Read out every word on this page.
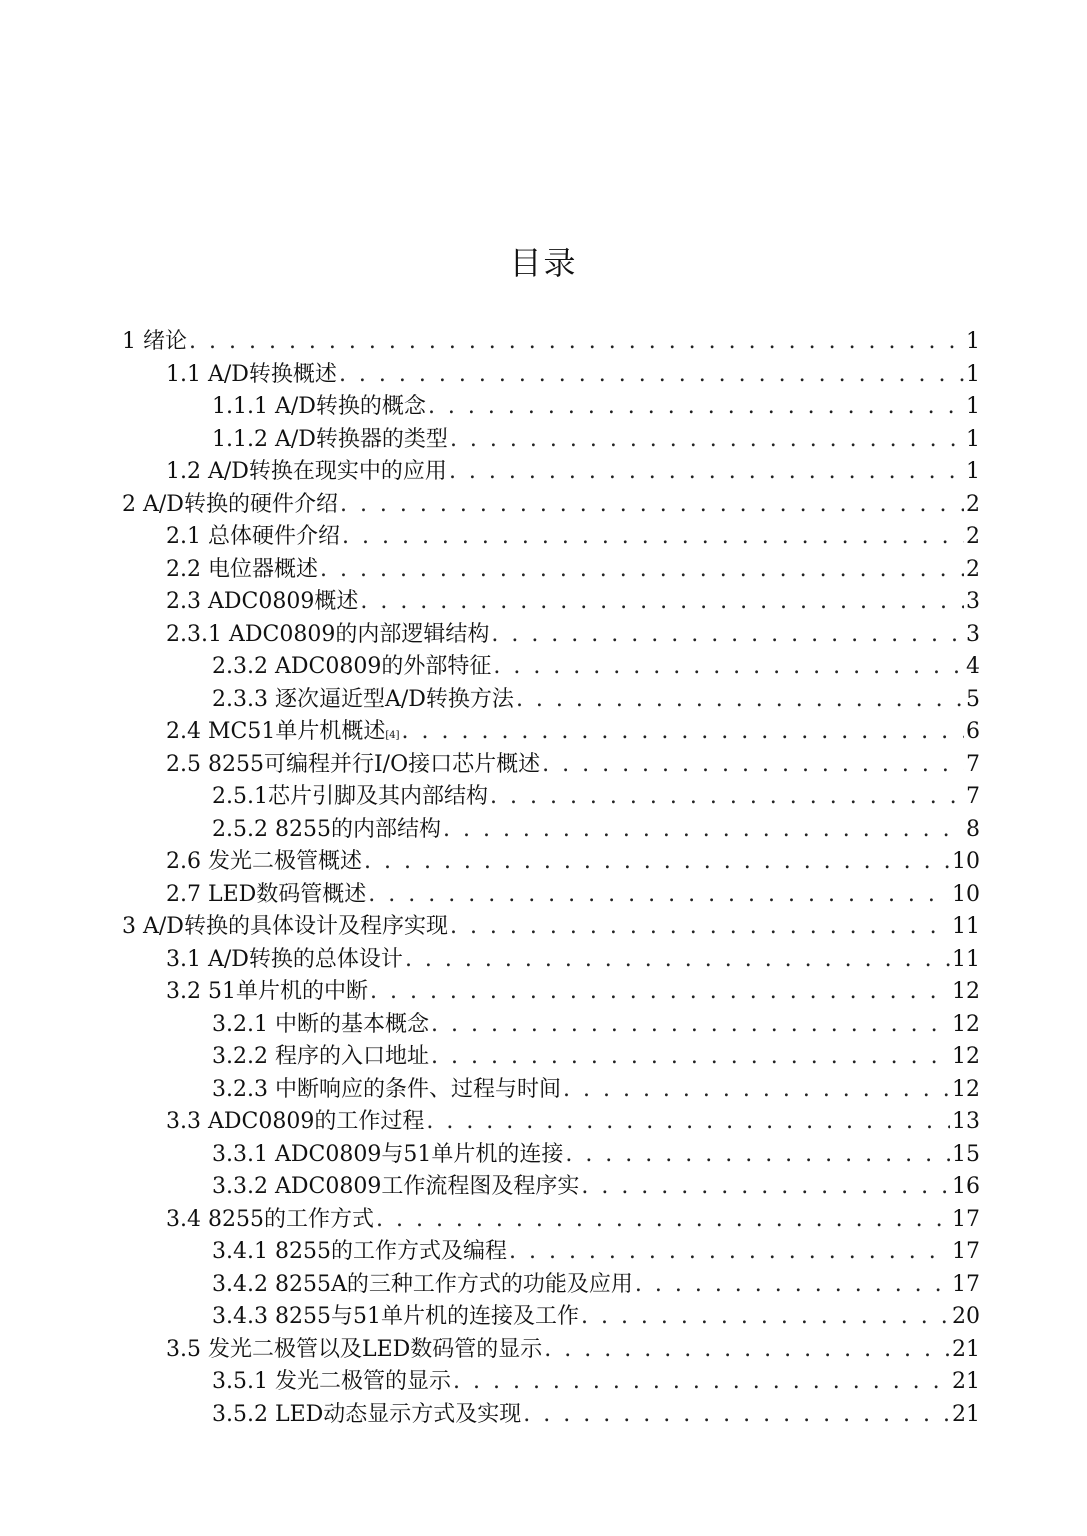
目录
1 绪论 . . .	1
1.1 A/D转换概述 . . .	1
1.1.1 A/D转换的概念 . . .	1
1.1.2 A/D转换器的类型 . . .	1
1.2 A/D转换在现实中的应用 . . .	1
2 A/D转换的硬件介绍 . . .	2
2.1 总体硬件介绍 . . .	2
2.2 电位器概述 . . .	2
2.3 ADC0809概述 . . .	3
2.3.1 ADC0809的内部逻辑结构 . . .	3
2.3.2 ADC0809的外部特征 . . .	4
2.3.3 逐次逼近型A/D转换方法 . . .	5
2.4 MC51单片机概述 [4] . . .	6
2.5 8255可编程并行I/O接口芯片概述 . . .	7
2.5.1 芯片引脚及其内部结构 . . .	7
2.5.2 8255的内部结构 . . .	8
2.6 发光二极管概述 . . .	10
2.7 LED数码管概述 . . .	10
3 A/D转换的具体设计及程序实现 . . .	11
3.1 A/D转换的总体设计 . . .	11
3.2 51单片机的中断 . . .	12
3.2.1 中断的基本概念 . . .	12
3.2.2 程序的入口地址 . . .	12
3.2.3 中断响应的条件、过程与时间 . . .	12
3.3 ADC0809的工作过程 . . .	13
3.3.1 ADC0809与51单片机的连接 . . .	15
3.3.2 ADC0809工作流程图及程序实 . . .	16
3.4 8255的工作方式 . . .	17
3.4.1 8255的工作方式及编程 . . .	17
3.4.2 8255A的三种工作方式的功能及应用 . . .	17
3.4.3 8255与51单片机的连接及工作 . . .	20
3.5 发光二极管以及LED数码管的显示 . . .	21
3.5.1 发光二极管的显示 . . .	21
3.5.2 LED动态显示方式及实现 . . .	21
